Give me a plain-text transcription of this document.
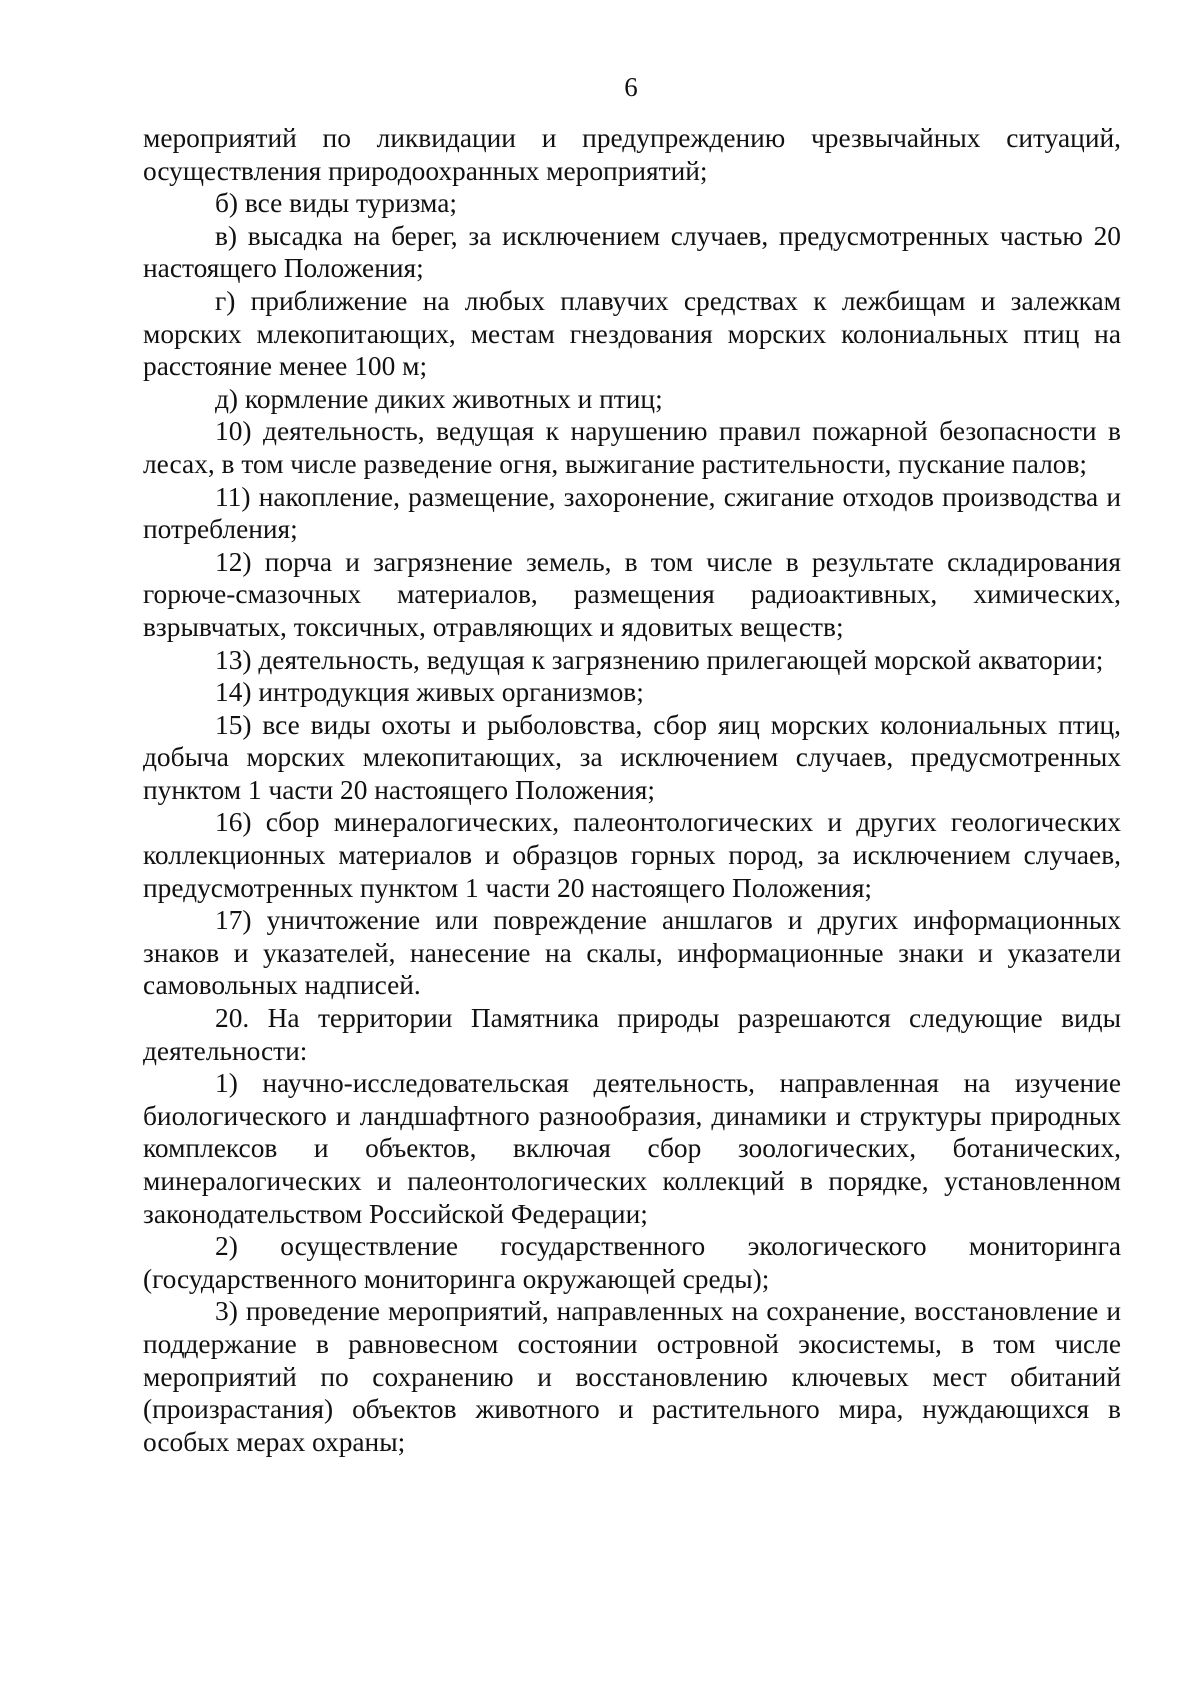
6

мероприятий по ликвидации и предупреждению чрезвычайных ситуаций, осуществления природоохранных мероприятий;

б) все виды туризма;

в) высадка на берег, за исключением случаев, предусмотренных частью 20 настоящего Положения;

г) приближение на любых плавучих средствах к лежбищам и залежкам морских млекопитающих, местам гнездования морских колониальных птиц на расстояние менее 100 м;

д) кормление диких животных и птиц;

10) деятельность, ведущая к нарушению правил пожарной безопасности в лесах, в том числе разведение огня, выжигание растительности, пускание палов;

11) накопление, размещение, захоронение, сжигание отходов производства и потребления;

12) порча и загрязнение земель, в том числе в результате складирования горюче-смазочных материалов, размещения радиоактивных, химических, взрывчатых, токсичных, отравляющих и ядовитых веществ;

13) деятельность, ведущая к загрязнению прилегающей морской акватории;

14) интродукция живых организмов;

15) все виды охоты и рыболовства, сбор яиц морских колониальных птиц, добыча морских млекопитающих, за исключением случаев, предусмотренных пунктом 1 части 20 настоящего Положения;

16) сбор минералогических, палеонтологических и других геологических коллекционных материалов и образцов горных пород, за исключением случаев, предусмотренных пунктом 1 части 20 настоящего Положения;

17) уничтожение или повреждение аншлагов и других информационных знаков и указателей, нанесение на скалы, информационные знаки и указатели самовольных надписей.

20. На территории Памятника природы разрешаются следующие виды деятельности:

1) научно-исследовательская деятельность, направленная на изучение биологического и ландшафтного разнообразия, динамики и структуры природных комплексов и объектов, включая сбор зоологических, ботанических, минералогических и палеонтологических коллекций в порядке, установленном законодательством Российской Федерации;

2) осуществление государственного экологического мониторинга (государственного мониторинга окружающей среды);

3) проведение мероприятий, направленных на сохранение, восстановление и поддержание в равновесном состоянии островной экосистемы, в том числе мероприятий по сохранению и восстановлению ключевых мест обитаний (произрастания) объектов животного и растительного мира, нуждающихся в особых мерах охраны;
